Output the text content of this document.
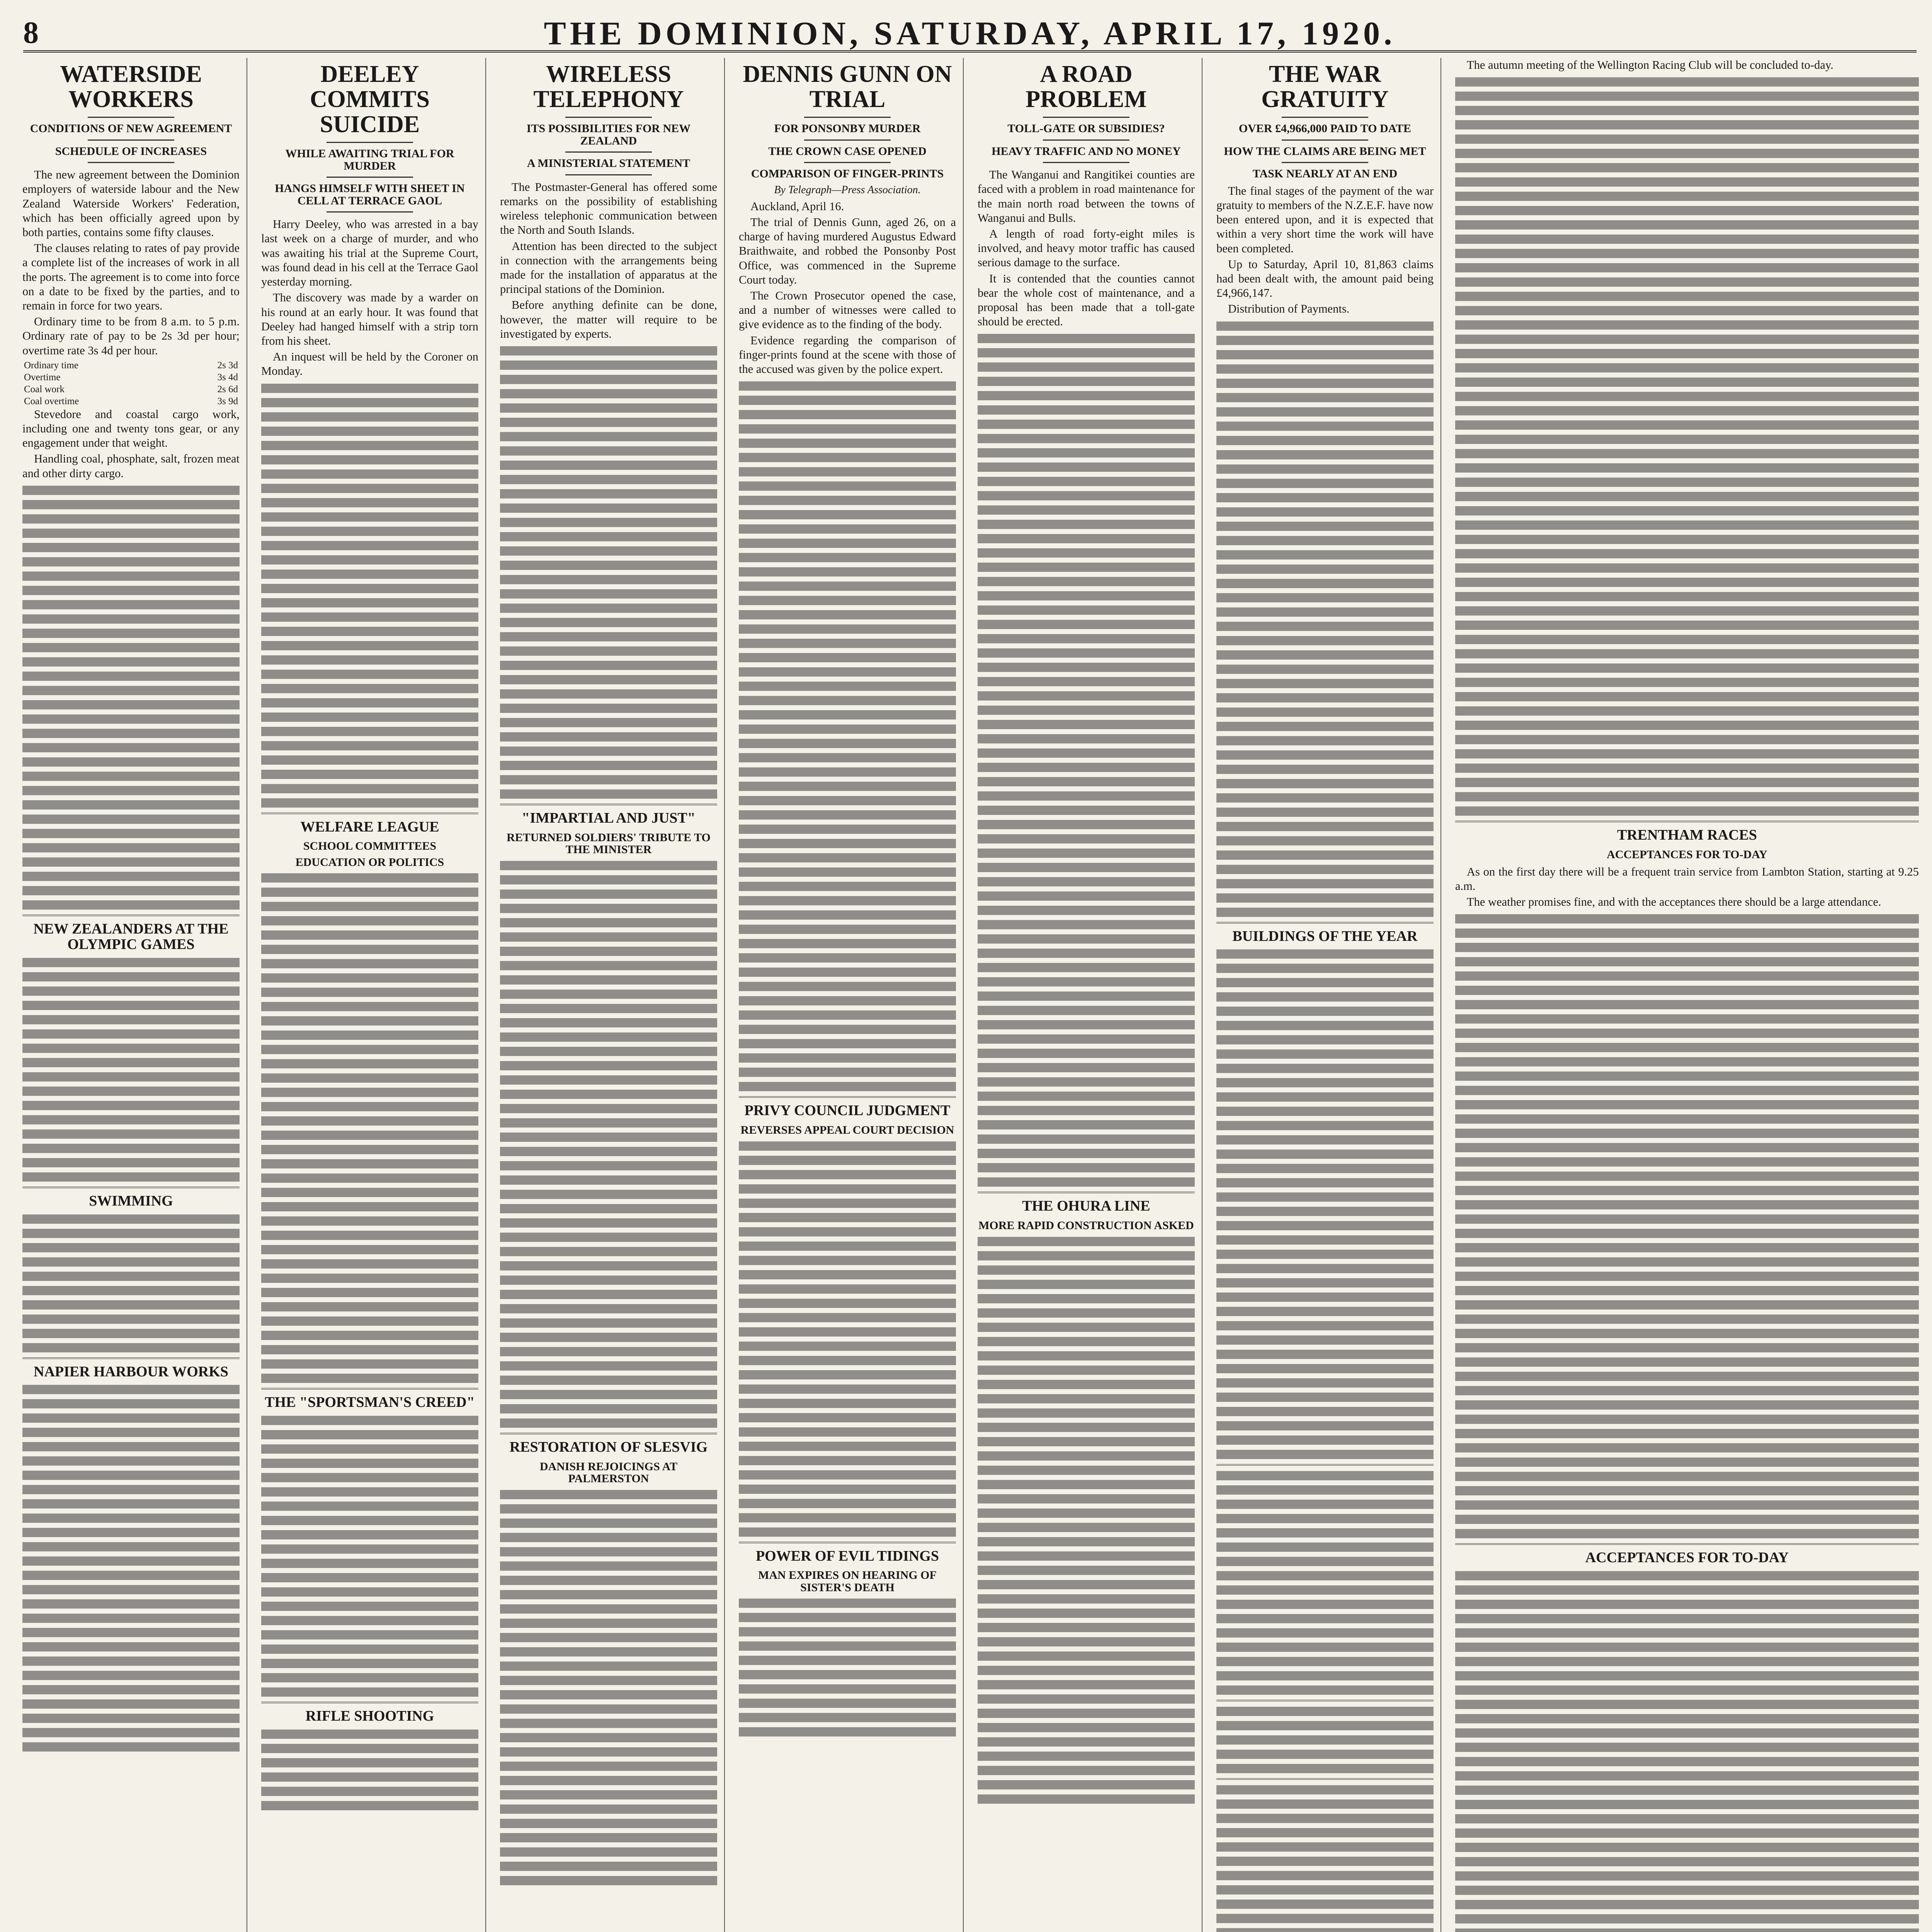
8	THE DOMINION, SATURDAY, APRIL 17, 1920.
WATERSIDE WORKERS
CONDITIONS OF NEW AGREEMENT
SCHEDULE OF INCREASES

The new agreement between the Dominion employers of waterside labour and the New Zealand Waterside Workers' Federation, which has been officially agreed upon by both parties, contains some fifty clauses.

The clauses relating to rates of pay provide a complete list of the increases of work in all the ports. The agreement is to come into force on a date to be fixed by the parties, and to remain in force for two years.

Ordinary time to be from 8 a.m. to 5 p.m. Ordinary rate of pay to be 2s 3d per hour; overtime rate 3s 4d per hour.

Ordinary time	2s 3d
Overtime	3s 4d
Coal work	2s 6d
Coal overtime	3s 9d

Stevedore and coastal cargo work, including one and twenty tons gear, or any engagement under that weight.

Handling coal, phosphate, salt, frozen meat and other dirty cargo.

NEW ZEALANDERS AT THE OLYMPIC GAMES
SWIMMING
NAPIER HARBOUR WORKS
DEELEY COMMITS SUICIDE
WHILE AWAITING TRIAL FOR MURDER
HANGS HIMSELF WITH SHEET IN CELL AT TERRACE GAOL

Harry Deeley, who was arrested in a bay last week on a charge of murder, and who was awaiting his trial at the Supreme Court, was found dead in his cell at the Terrace Gaol yesterday morning.

The discovery was made by a warder on his round at an early hour. It was found that Deeley had hanged himself with a strip torn from his sheet.

An inquest will be held by the Coroner on Monday.

WELFARE LEAGUE
SCHOOL COMMITTEES
EDUCATION OR POLITICS
THE "SPORTSMAN'S CREED"
RIFLE SHOOTING
WIRELESS TELEPHONY
ITS POSSIBILITIES FOR NEW ZEALAND
A MINISTERIAL STATEMENT

The Postmaster-General has offered some remarks on the possibility of establishing wireless telephonic communication between the North and South Islands.

Attention has been directed to the subject in connection with the arrangements being made for the installation of apparatus at the principal stations of the Dominion.

Before anything definite can be done, however, the matter will require to be investigated by experts.

"IMPARTIAL AND JUST"
RETURNED SOLDIERS' TRIBUTE TO THE MINISTER
RESTORATION OF SLESVIG
DANISH REJOICINGS AT PALMERSTON
DENNIS GUNN ON TRIAL
FOR PONSONBY MURDER
THE CROWN CASE OPENED
COMPARISON OF FINGER-PRINTS
By Telegraph—Press Association.

Auckland, April 16.

The trial of Dennis Gunn, aged 26, on a charge of having murdered Augustus Edward Braithwaite, and robbed the Ponsonby Post Office, was commenced in the Supreme Court today.

The Crown Prosecutor opened the case, and a number of witnesses were called to give evidence as to the finding of the body.

Evidence regarding the comparison of finger-prints found at the scene with those of the accused was given by the police expert.

PRIVY COUNCIL JUDGMENT
REVERSES APPEAL COURT DECISION
POWER OF EVIL TIDINGS
MAN EXPIRES ON HEARING OF SISTER'S DEATH
A ROAD PROBLEM
TOLL-GATE OR SUBSIDIES?
HEAVY TRAFFIC AND NO MONEY

The Wanganui and Rangitikei counties are faced with a problem in road maintenance for the main north road between the towns of Wanganui and Bulls.

A length of road forty-eight miles is involved, and heavy motor traffic has caused serious damage to the surface.

It is contended that the counties cannot bear the whole cost of maintenance, and a proposal has been made that a toll-gate should be erected.

THE OHURA LINE
MORE RAPID CONSTRUCTION ASKED
THE WAR GRATUITY
OVER £4,966,000 PAID TO DATE
HOW THE CLAIMS ARE BEING MET
TASK NEARLY AT AN END

The final stages of the payment of the war gratuity to members of the N.Z.E.F. have now been entered upon, and it is expected that within a very short time the work will have been completed.

Up to Saturday, April 10, 81,863 claims had been dealt with, the amount paid being £4,966,147.

Distribution of Payments.

BUILDINGS OF THE YEAR

The autumn meeting of the Wellington Racing Club will be concluded to-day.

TRENTHAM RACES
ACCEPTANCES FOR TO-DAY

As on the first day there will be a frequent train service from Lambton Station, starting at 9.25 a.m.

The weather promises fine, and with the acceptances there should be a large attendance.

ACCEPTANCES FOR TO-DAY
